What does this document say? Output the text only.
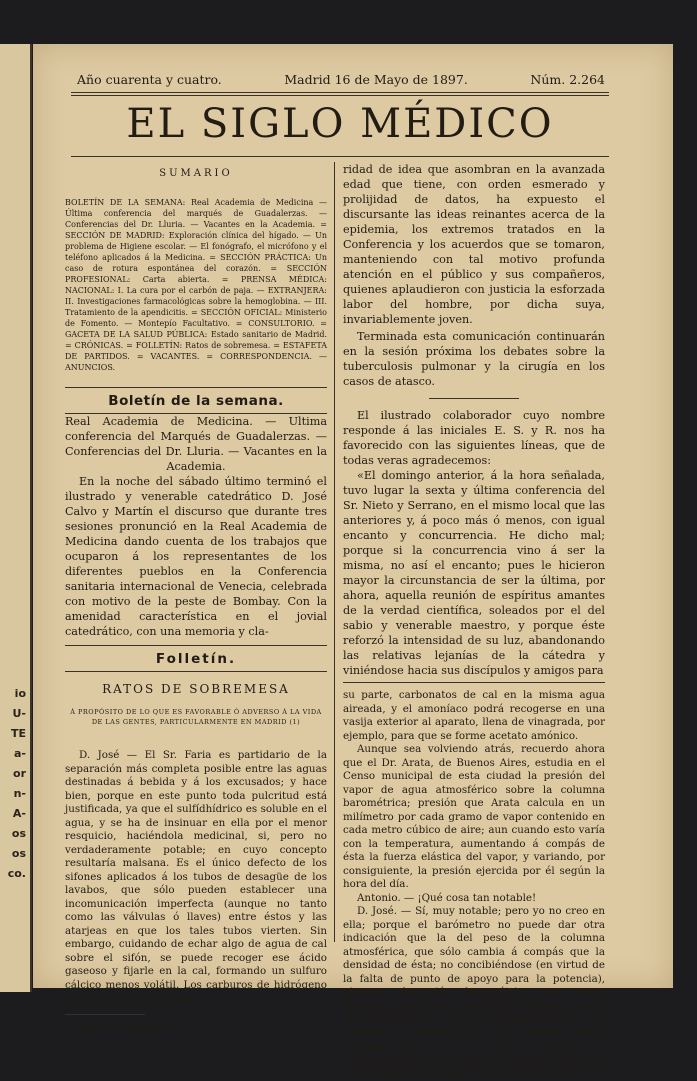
io
U-
TE
a-
or
n-
A-
os
os
co.
Año cuarenta y cuatro.	Madrid 16 de Mayo de 1897.	Núm. 2.264
EL SIGLO MÉDICO
SUMARIO

BOLETÍN DE LA SEMANA: Real Academia de Medicina — Última conferencia del marqués de Guadalerzas. — Conferencias del Dr. Lluria. — Vacantes en la Academia. = SECCIÓN DE MADRID: Exploración clínica del hígado. — Un problema de Higiene escolar. — El fonógrafo, el micrófono y el teléfono aplicados á la Medicina. = SECCIÓN PRÁCTICA: Un caso de rotura espontánea del corazón. = SECCIÓN PROFESIONAL: Carta abierta. = PRENSA MÉDICA: NACIONAL: I. La cura por el carbón de paja. — EXTRANJERA: II. Investigaciones farmacológicas sobre la hemoglobina. — III. Tratamiento de la apendicitis. = SECCIÓN OFICIAL: Ministerio de Fomento. — Montepío Facultativo. = CONSULTORIO. = GACETA DE LA SALUD PÚBLICA: Estado sanitario de Madrid. = CRÓNICAS. = FOLLETÍN: Ratos de sobremesa. = ESTAFETA DE PARTIDOS. = VACANTES. = CORRESPONDENCIA. — ANUNCIOS.

Boletín de la semana.

Real Academia de Medicina. — Ultima conferencia del Marqués de Guadalerzas. — Conferencias del Dr. Lluria. — Vacantes en la Academia.

En la noche del sábado último terminó el ilustrado y venerable catedrático D. José Calvo y Martín el discurso que durante tres sesiones pronunció en la Real Academia de Medicina dando cuenta de los trabajos que ocuparon á los representantes de los diferentes pueblos en la Conferencia sanitaria internacional de Venecia, celebrada con motivo de la peste de Bombay. Con la amenidad característica en el jovial catedrático, con una memoria y cla-

Folletín.
RATOS DE SOBREMESA
Á PROPÓSITO DE LO QUE ES FAVORABLE Ó ADVERSO Á LA VIDA DE LAS GENTES, PARTICULARMENTE EN MADRID (1)

D. José — El Sr. Faria es partidario de la separación más completa posible entre las aguas destinadas á bebida y á los excusados; y hace bien, porque en este punto toda pulcritud está justificada, ya que el sulfídhídrico es soluble en el agua, y se ha de insinuar en ella por el menor resquicio, haciéndola medicinal, si, pero no verdaderamente potable; en cuyo concepto resultaría malsana. Es el único defecto de los sifones aplicados á los tubos de desagüe de los lavabos, que sólo pueden establecer una incomunicación imperfecta (aunque no tanto como las válvulas ó llaves) entre éstos y las atarjeas en que los tales tubos vierten. Sin embargo, cuidando de echar algo de agua de cal sobre el sifón, se puede recoger ese ácido gaseoso y fijarle en la cal, formando un sulfuro cálcico menos volátil. Los carburos de hidrógeno llegarán á constituir, por

(1) Véase el número anterior.

ridad de idea que asombran en la avanzada edad que tiene, con orden esmerado y prolijidad de datos, ha expuesto el discursante las ideas reinantes acerca de la epidemia, los extremos tratados en la Conferencia y los acuerdos que se tomaron, manteniendo con tal motivo profunda atención en el público y sus compañeros, quienes aplaudieron con justicia la esforzada labor del hombre, por dicha suya, invariablemente joven.

Terminada esta comunicación continuarán en la sesión próxima los debates sobre la tuberculosis pulmonar y la cirugía en los casos de atasco.

El ilustrado colaborador cuyo nombre responde á las iniciales E. S. y R. nos ha favorecido con las siguientes líneas, que de todas veras agradecemos:

«El domingo anterior, á la hora señalada, tuvo lugar la sexta y última conferencia del Sr. Nieto y Serrano, en el mismo local que las anteriores y, á poco más ó menos, con igual encanto y concurrencia. He dicho mal; porque si la concurrencia vino á ser la misma, no así el encanto; pues le hicieron mayor la circunstancia de ser la última, por ahora, aquella reunión de espíritus amantes de la verdad científica, soleados por el del sabio y venerable maestro, y porque éste reforzó la intensidad de su luz, abandonando las relativas lejanías de la cátedra y viniéndose hacia sus discípulos y amigos para

su parte, carbonatos de cal en la misma agua aireada, y el amoníaco podrá recogerse en una vasija exterior al aparato, llena de vinagrada, por ejemplo, para que se forme acetato amónico.

Aunque sea volviendo atrás, recuerdo ahora que el Dr. Arata, de Buenos Aires, estudia en el Censo municipal de esta ciudad la presión del vapor de agua atmosférico sobre la columna barométrica; presión que Arata calcula en un milímetro por cada gramo de vapor contenido en cada metro cúbico de aire; aun cuando esto varía con la temperatura, aumentando á compás de ésta la fuerza elástica del vapor, y variando, por consiguiente, la presión ejercida por él según la hora del día.

Antonio. — ¡Qué cosa tan notable!

D. José. — Sí, muy notable; pero yo no creo en ella; porque el barómetro no puede dar otra indicación que la del peso de la columna atmosférica, que sólo cambia á compás que la densidad de ésta; no concibiéndose (en virtud de la falta de punto de apoyo para la potencia), ninguna depresión barométrica por causa mecánica de origen atmosférico, sino en caso de una explosión, v. gr., que desequilibra por un momento la columna de aire; haciendo masas enormes de él en todos sentidos, y sustrayéndolas á la región de donde fueron tan violentamente lanzadas. Dentro de ésta tendrá lu-
